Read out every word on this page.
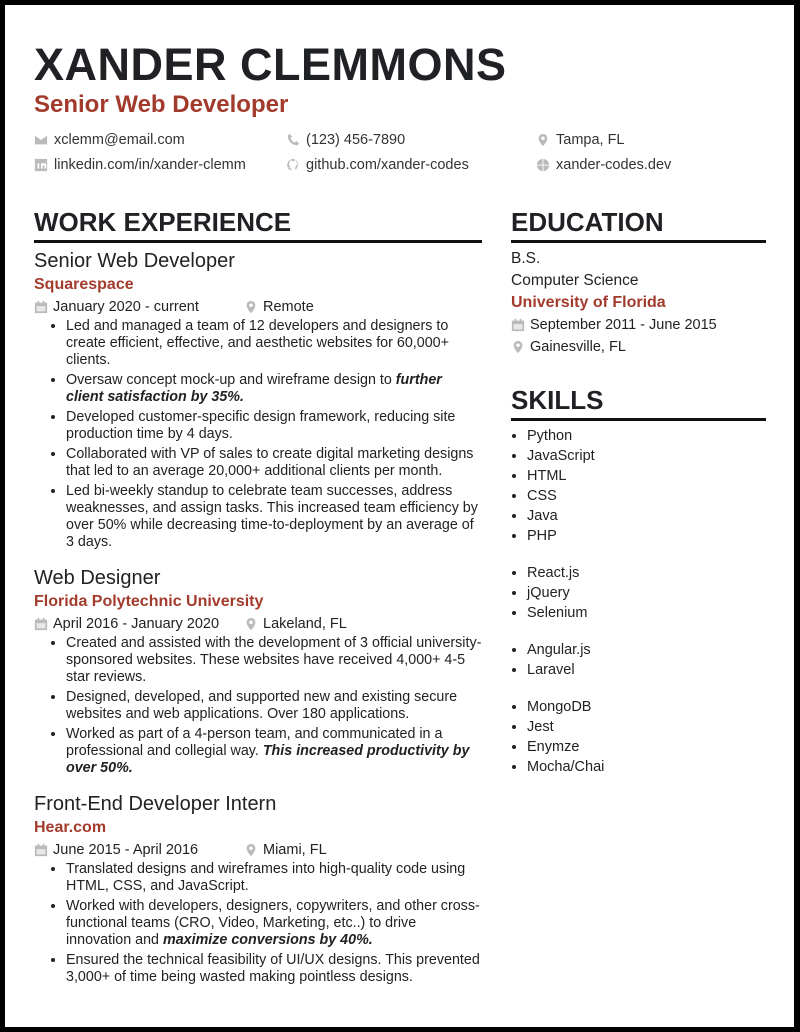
XANDER CLEMMONS
Senior Web Developer
xclemm@email.com	(123) 456-7890	Tampa, FL
linkedin.com/in/xander-clemm	github.com/xander-codes	xander-codes.dev
WORK EXPERIENCE
Senior Web Developer
Squarespace
January 2020 - current	Remote
• Led and managed a team of 12 developers and designers to create efficient, effective, and aesthetic websites for 60,000+ clients.
• Oversaw concept mock-up and wireframe design to further client satisfaction by 35%.
• Developed customer-specific design framework, reducing site production time by 4 days.
• Collaborated with VP of sales to create digital marketing designs that led to an average 20,000+ additional clients per month.
• Led bi-weekly standup to celebrate team successes, address weaknesses, and assign tasks. This increased team efficiency by over 50% while decreasing time-to-deployment by an average of 3 days.
Web Designer
Florida Polytechnic University
April 2016 - January 2020	Lakeland, FL
• Created and assisted with the development of 3 official university-sponsored websites. These websites have received 4,000+ 4-5 star reviews.
• Designed, developed, and supported new and existing secure websites and web applications. Over 180 applications.
• Worked as part of a 4-person team, and communicated in a professional and collegial way. This increased productivity by over 50%.
Front-End Developer Intern
Hear.com
June 2015 - April 2016	Miami, FL
• Translated designs and wireframes into high-quality code using HTML, CSS, and JavaScript.
• Worked with developers, designers, copywriters, and other cross-functional teams (CRO, Video, Marketing, etc..) to drive innovation and maximize conversions by 40%.
• Ensured the technical feasibility of UI/UX designs. This prevented 3,000+ of time being wasted making pointless designs.
EDUCATION
B.S.
Computer Science
University of Florida
September 2011 - June 2015
Gainesville, FL
SKILLS
• Python
• JavaScript
• HTML
• CSS
• Java
• PHP
• React.js
• jQuery
• Selenium
• Angular.js
• Laravel
• MongoDB
• Jest
• Enymze
• Mocha/Chai
